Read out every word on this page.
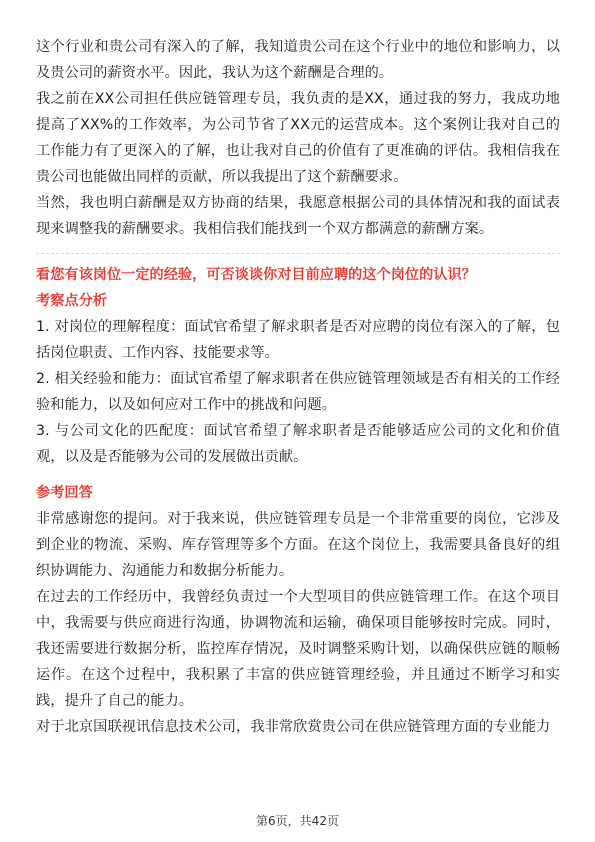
这个行业和贵公司有深入的了解，我知道贵公司在这个行业中的地位和影响力，以及贵公司的薪资水平。因此，我认为这个薪酬是合理的。

我之前在XX公司担任供应链管理专员，我负责的是XX，通过我的努力，我成功地提高了XX%的工作效率，为公司节省了XX元的运营成本。这个案例让我对自己的工作能力有了更深入的了解，也让我对自己的价值有了更准确的评估。我相信我在贵公司也能做出同样的贡献，所以我提出了这个薪酬要求。

当然，我也明白薪酬是双方协商的结果，我愿意根据公司的具体情况和我的面试表现来调整我的薪酬要求。我相信我们能找到一个双方都满意的薪酬方案。

看您有该岗位一定的经验，可否谈谈你对目前应聘的这个岗位的认识？

考察点分析

1. 对岗位的理解程度：面试官希望了解求职者是否对应聘的岗位有深入的了解，包括岗位职责、工作内容、技能要求等。

2. 相关经验和能力：面试官希望了解求职者在供应链管理领域是否有相关的工作经验和能力，以及如何应对工作中的挑战和问题。

3. 与公司文化的匹配度：面试官希望了解求职者是否能够适应公司的文化和价值观，以及是否能够为公司的发展做出贡献。

参考回答

非常感谢您的提问。对于我来说，供应链管理专员是一个非常重要的岗位，它涉及到企业的物流、采购、库存管理等多个方面。在这个岗位上，我需要具备良好的组织协调能力、沟通能力和数据分析能力。

在过去的工作经历中，我曾经负责过一个大型项目的供应链管理工作。在这个项目中，我需要与供应商进行沟通，协调物流和运输，确保项目能够按时完成。同时，我还需要进行数据分析，监控库存情况，及时调整采购计划，以确保供应链的顺畅运作。在这个过程中，我积累了丰富的供应链管理经验，并且通过不断学习和实践，提升了自己的能力。

对于北京国联视讯信息技术公司，我非常欣赏贵公司在供应链管理方面的专业能力

第6页，共42页
